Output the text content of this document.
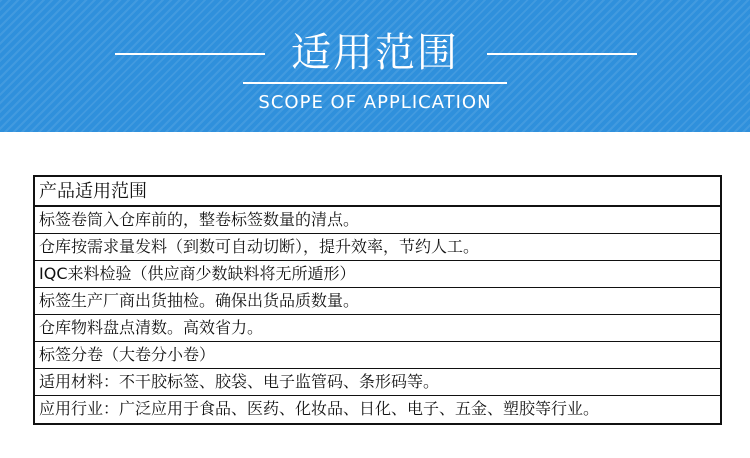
适用范围
SCOPE OF APPLICATION
产品适用范围
标签卷筒入仓库前的，整卷标签数量的清点。
仓库按需求量发料（到数可自动切断），提升效率，节约人工。
IQC来料检验（供应商少数缺料将无所遁形）
标签生产厂商出货抽检。确保出货品质数量。
仓库物料盘点清数。高效省力。
标签分卷（大卷分小卷）
适用材料：不干胶标签、胶袋、电子监管码、条形码等。
应用行业：广泛应用于食品、医药、化妆品、日化、电子、五金、塑胶等行业。
